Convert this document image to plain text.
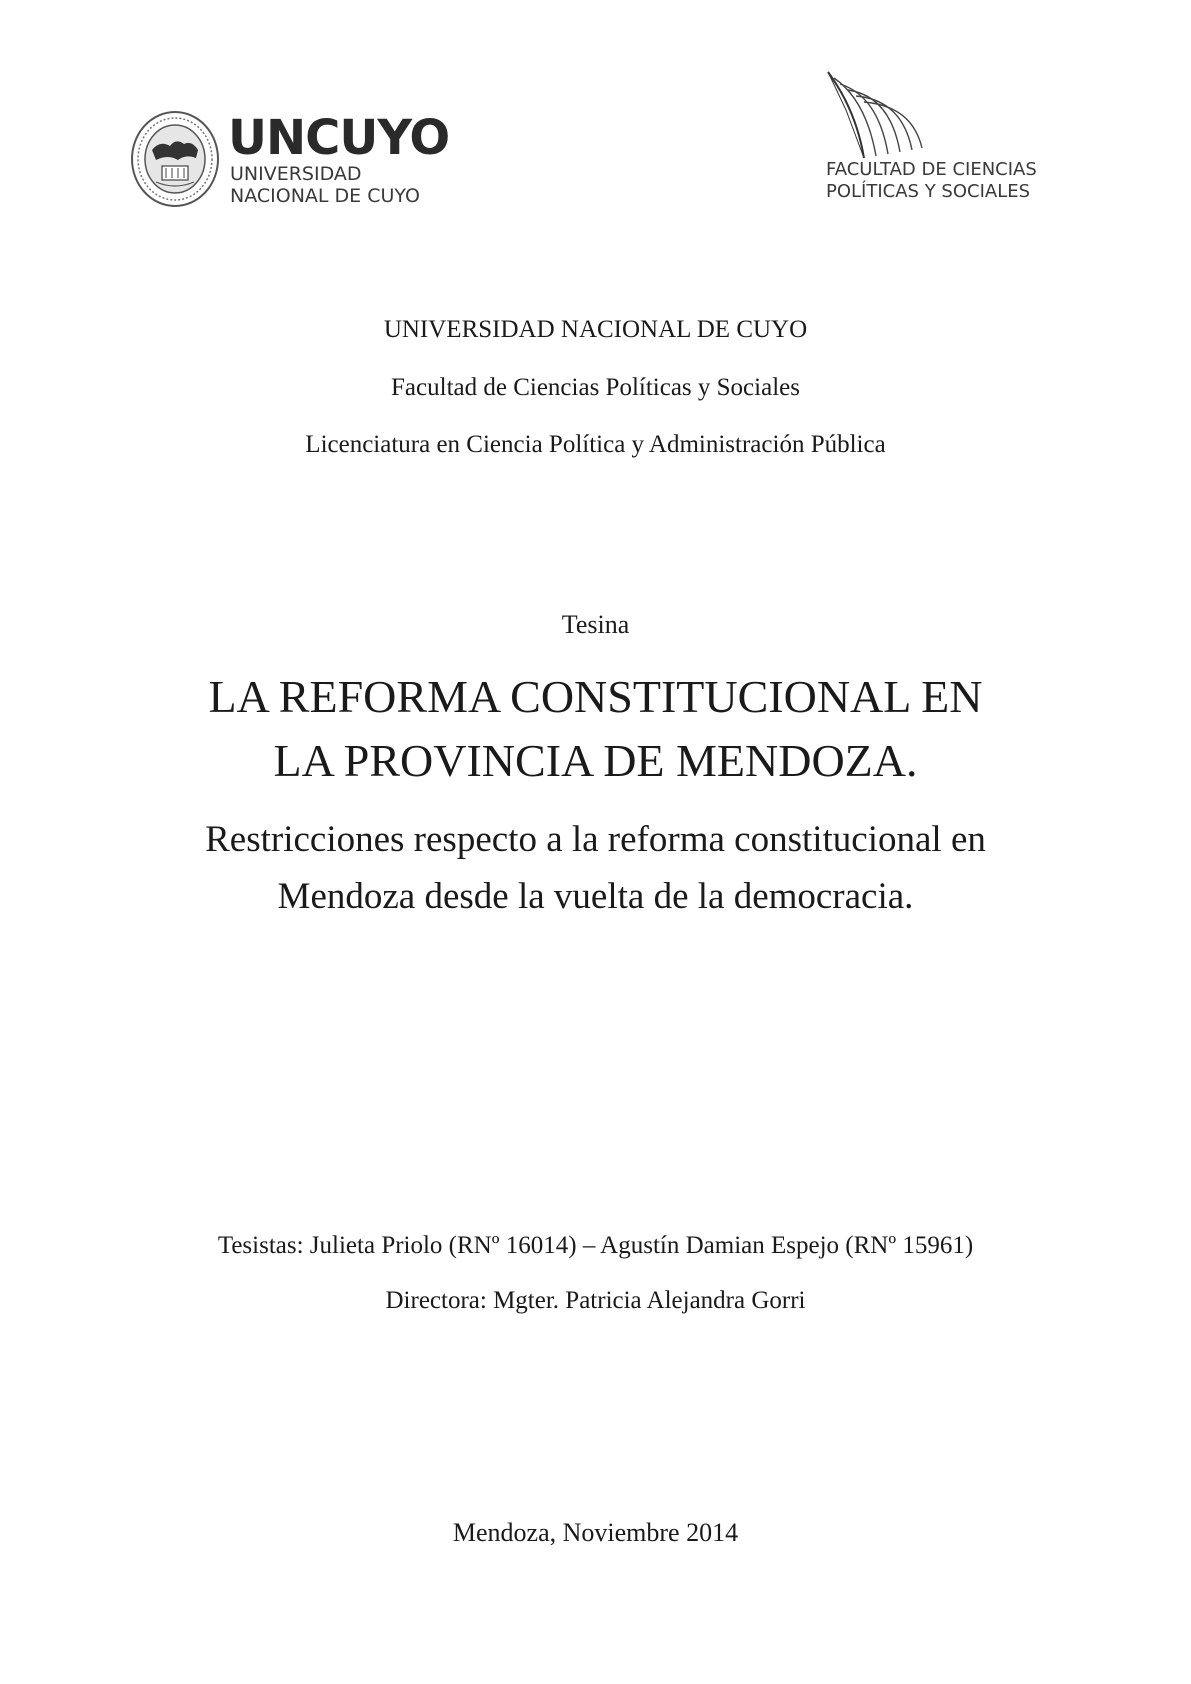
UNCUYO
UNIVERSIDAD
NACIONAL DE CUYO
FACULTAD DE CIENCIAS
POLÍTICAS Y SOCIALES
UNIVERSIDAD NACIONAL DE CUYO
Facultad de Ciencias Políticas y Sociales
Licenciatura en Ciencia Política y Administración Pública
Tesina
LA REFORMA CONSTITUCIONAL EN
LA PROVINCIA DE MENDOZA.
Restricciones respecto a la reforma constitucional en
Mendoza desde la vuelta de la democracia.
Tesistas: Julieta Priolo (RNº 16014) – Agustín Damian Espejo (RNº 15961)
Directora: Mgter. Patricia Alejandra Gorri
Mendoza, Noviembre 2014
